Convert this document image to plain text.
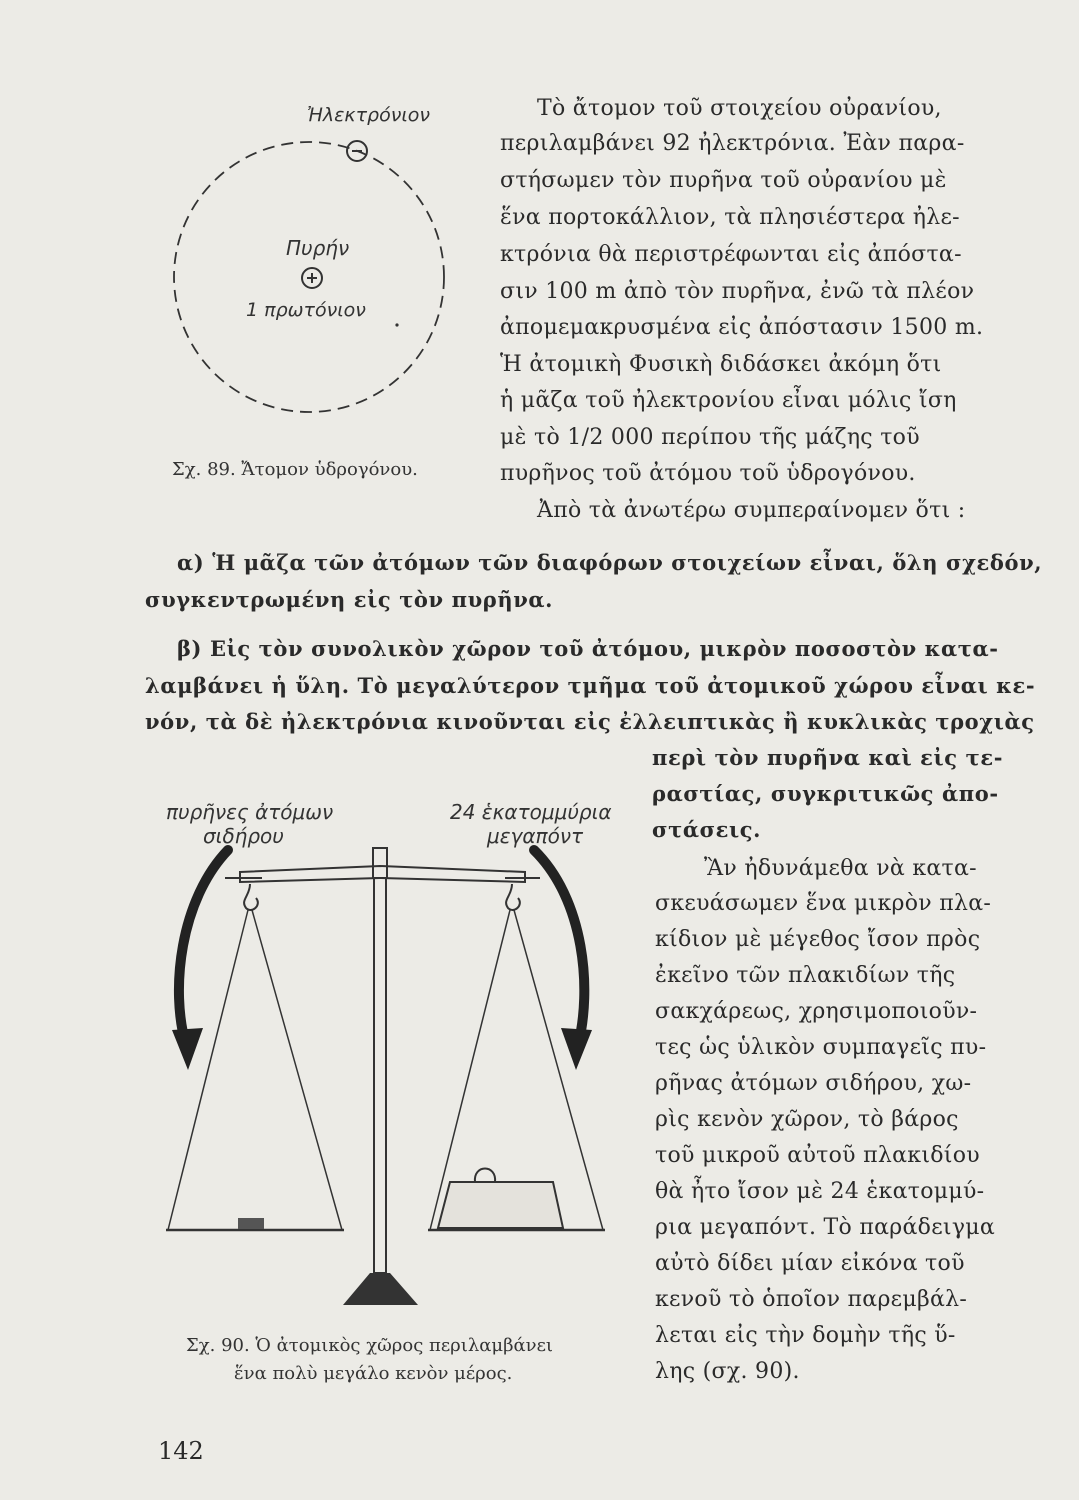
Ἠλεκτρόνιον
Πυρήν
1 πρωτόνιον
Σχ. 89. Ἄτομον ὑδρογόνου.
Τὸ ἄτομον τοῦ στοιχείου οὐρανίου,
περιλαμβάνει 92 ἠλεκτρόνια. Ἐὰν παρα-
στήσωμεν τὸν πυρῆνα τοῦ οὐρανίου μὲ
ἕνα πορτοκάλλιον, τὰ πλησιέστερα ἠλε-
κτρόνια θὰ περιστρέφωνται εἰς ἀπόστα-
σιν 100 m ἀπὸ τὸν πυρῆνα, ἐνῶ τὰ πλέον
ἀπομεμακρυσμένα εἰς ἀπόστασιν 1500 m.
Ἡ ἀτομικὴ Φυσικὴ διδάσκει ἀκόμη ὅτι
ἡ μᾶζα τοῦ ἠλεκτρονίου εἶναι μόλις ἴση
μὲ τὸ 1/2 000 περίπου τῆς μάζης τοῦ
πυρῆνος τοῦ ἀτόμου τοῦ ὑδρογόνου.
Ἀπὸ τὰ ἀνωτέρω συμπεραίνομεν ὅτι :
α) Ἡ μᾶζα τῶν ἀτόμων τῶν διαφόρων στοιχείων εἶναι, ὅλη σχεδόν,
συγκεντρωμένη εἰς τὸν πυρῆνα.
β) Εἰς τὸν συνολικὸν χῶρον τοῦ ἀτόμου, μικρὸν ποσοστὸν κατα-
λαμβάνει ἡ ὕλη. Τὸ μεγαλύτερον τμῆμα τοῦ ἀτομικοῦ χώρου εἶναι κε-
νόν, τὰ δὲ ἠλεκτρόνια κινοῦνται εἰς ἐλλειπτικὰς ἢ κυκλικὰς τροχιὰς
περὶ τὸν πυρῆνα καὶ εἰς τε-
ραστίας, συγκριτικῶς ἀπο-
στάσεις.
πυρῆνες ἀτόμων
σιδήρου
24 ἑκατομμύρια
μεγαπόντ
Σχ. 90. Ὁ ἀτομικὸς χῶρος περιλαμβάνει
ἕνα πολὺ μεγάλο κενὸν μέρος.
Ἂν ἠδυνάμεθα νὰ κατα-
σκευάσωμεν ἕνα μικρὸν πλα-
κίδιον μὲ μέγεθος ἴσον πρὸς
ἐκεῖνο τῶν πλακιδίων τῆς
σακχάρεως, χρησιμοποιοῦν-
τες ὡς ὑλικὸν συμπαγεῖς πυ-
ρῆνας ἀτόμων σιδήρου, χω-
ρὶς κενὸν χῶρον, τὸ βάρος
τοῦ μικροῦ αὐτοῦ πλακιδίου
θὰ ἦτο ἴσον μὲ 24 ἑκατομμύ-
ρια μεγαπόντ. Τὸ παράδειγμα
αὐτὸ δίδει μίαν εἰκόνα τοῦ
κενοῦ τὸ ὁποῖον παρεμβάλ-
λεται εἰς τὴν δομὴν τῆς ὕ-
λης (σχ. 90).
142
